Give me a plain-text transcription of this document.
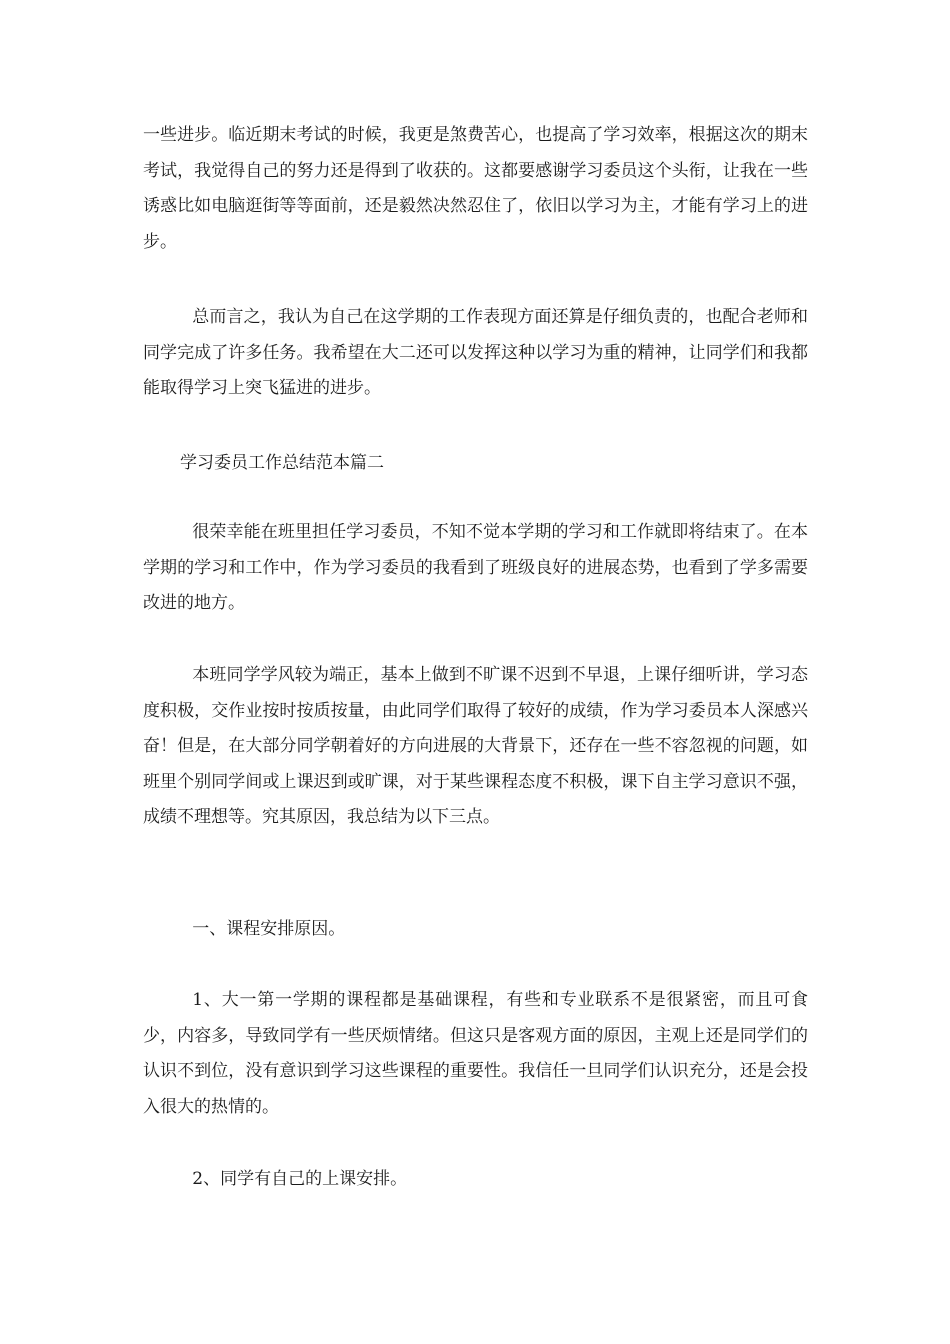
一些进步。临近期末考试的时候，我更是煞费苦心，也提高了学习效率，根据这次的期末考试，我觉得自己的努力还是得到了收获的。这都要感谢学习委员这个头衔，让我在一些诱惑比如电脑逛街等等面前，还是毅然决然忍住了，依旧以学习为主，才能有学习上的进步。

总而言之，我认为自己在这学期的工作表现方面还算是仔细负责的，也配合老师和同学完成了许多任务。我希望在大二还可以发挥这种以学习为重的精神，让同学们和我都能取得学习上突飞猛进的进步。

学习委员工作总结范本篇二

很荣幸能在班里担任学习委员，不知不觉本学期的学习和工作就即将结束了。在本学期的学习和工作中，作为学习委员的我看到了班级良好的进展态势，也看到了学多需要改进的地方。

本班同学学风较为端正，基本上做到不旷课不迟到不早退，上课仔细听讲，学习态度积极，交作业按时按质按量，由此同学们取得了较好的成绩，作为学习委员本人深感兴奋！但是，在大部分同学朝着好的方向进展的大背景下，还存在一些不容忽视的问题，如班里个别同学间或上课迟到或旷课，对于某些课程态度不积极，课下自主学习意识不强，成绩不理想等。究其原因，我总结为以下三点。

一、课程安排原因。

1、大一第一学期的课程都是基础课程，有些和专业联系不是很紧密，而且可食少，内容多，导致同学有一些厌烦情绪。但这只是客观方面的原因，主观上还是同学们的认识不到位，没有意识到学习这些课程的重要性。我信任一旦同学们认识充分，还是会投入很大的热情的。

2、同学有自己的上课安排。
